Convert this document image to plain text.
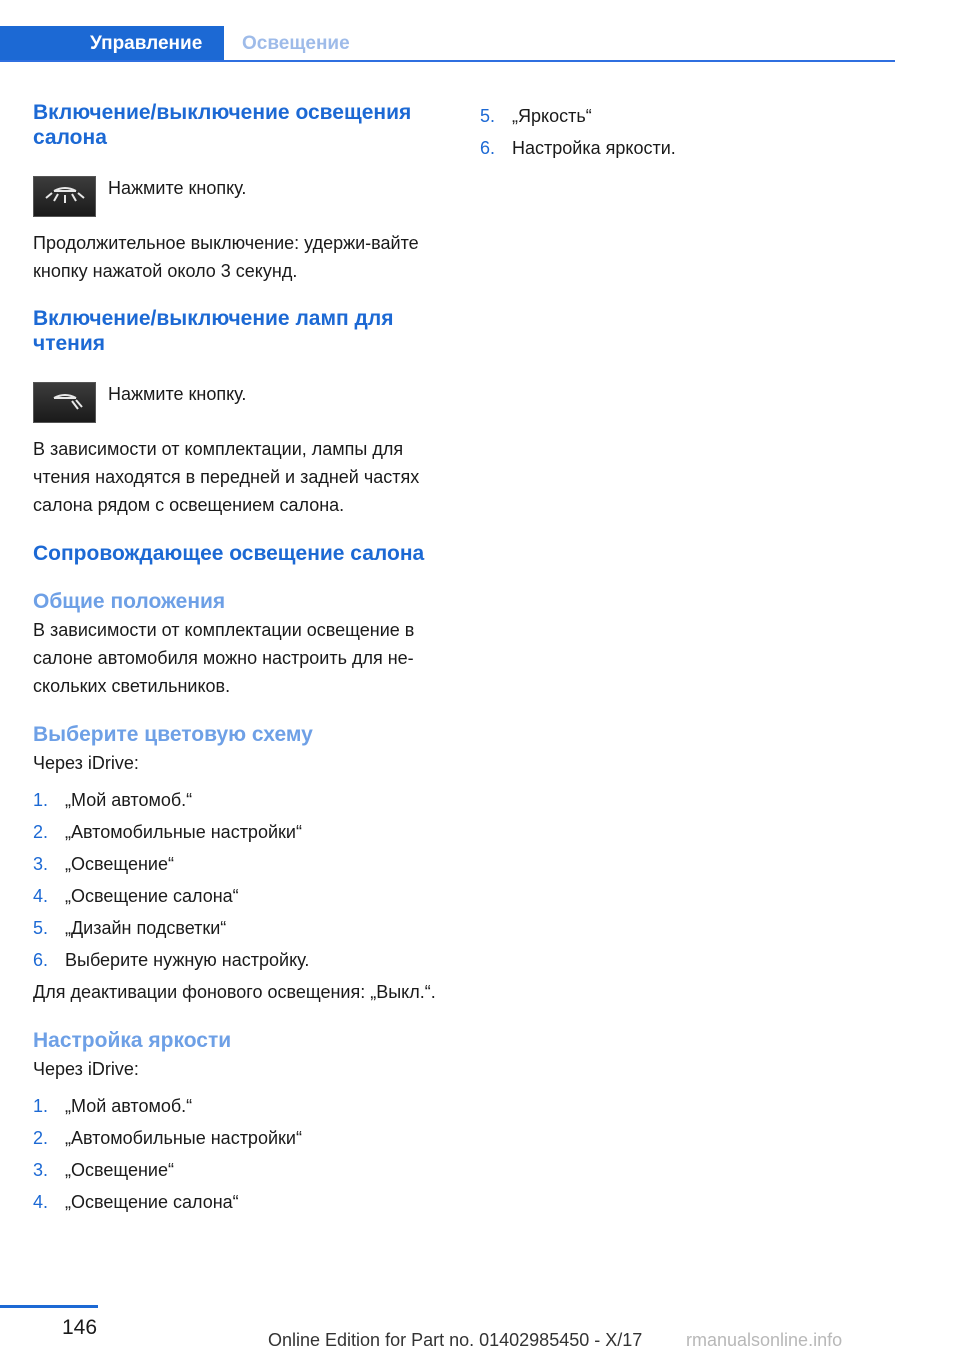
Управление	Освещение
Включение/выключение освещения салона
Нажмите кнопку.

Продолжительное выключение: удержи‐вайте кнопку нажатой около 3 секунд.

Включение/выключение ламп для чтения
Нажмите кнопку.

В зависимости от комплектации, лампы для чтения находятся в передней и задней частях салона рядом с освещением салона.

Сопровождающее освещение салона
Общие положения

В зависимости от комплектации освещение в салоне автомобиля можно настроить для не‐скольких светильников.

Выберите цветовую схему

Через iDrive:

1. „Мой автомоб.“
2. „Автомобильные настройки“
3. „Освещение“
4. „Освещение салона“
5. „Дизайн подсветки“
6. Выберите нужную настройку.

Для деактивации фонового освещения: „Выкл.“.

Настройка яркости

Через iDrive:

1. „Мой автомоб.“
2. „Автомобильные настройки“
3. „Освещение“
4. „Освещение салона“
5. „Яркость“
6. Настройка яркости.
146
Online Edition for Part no. 01402985450 - X/17 rmanualsonline.info
